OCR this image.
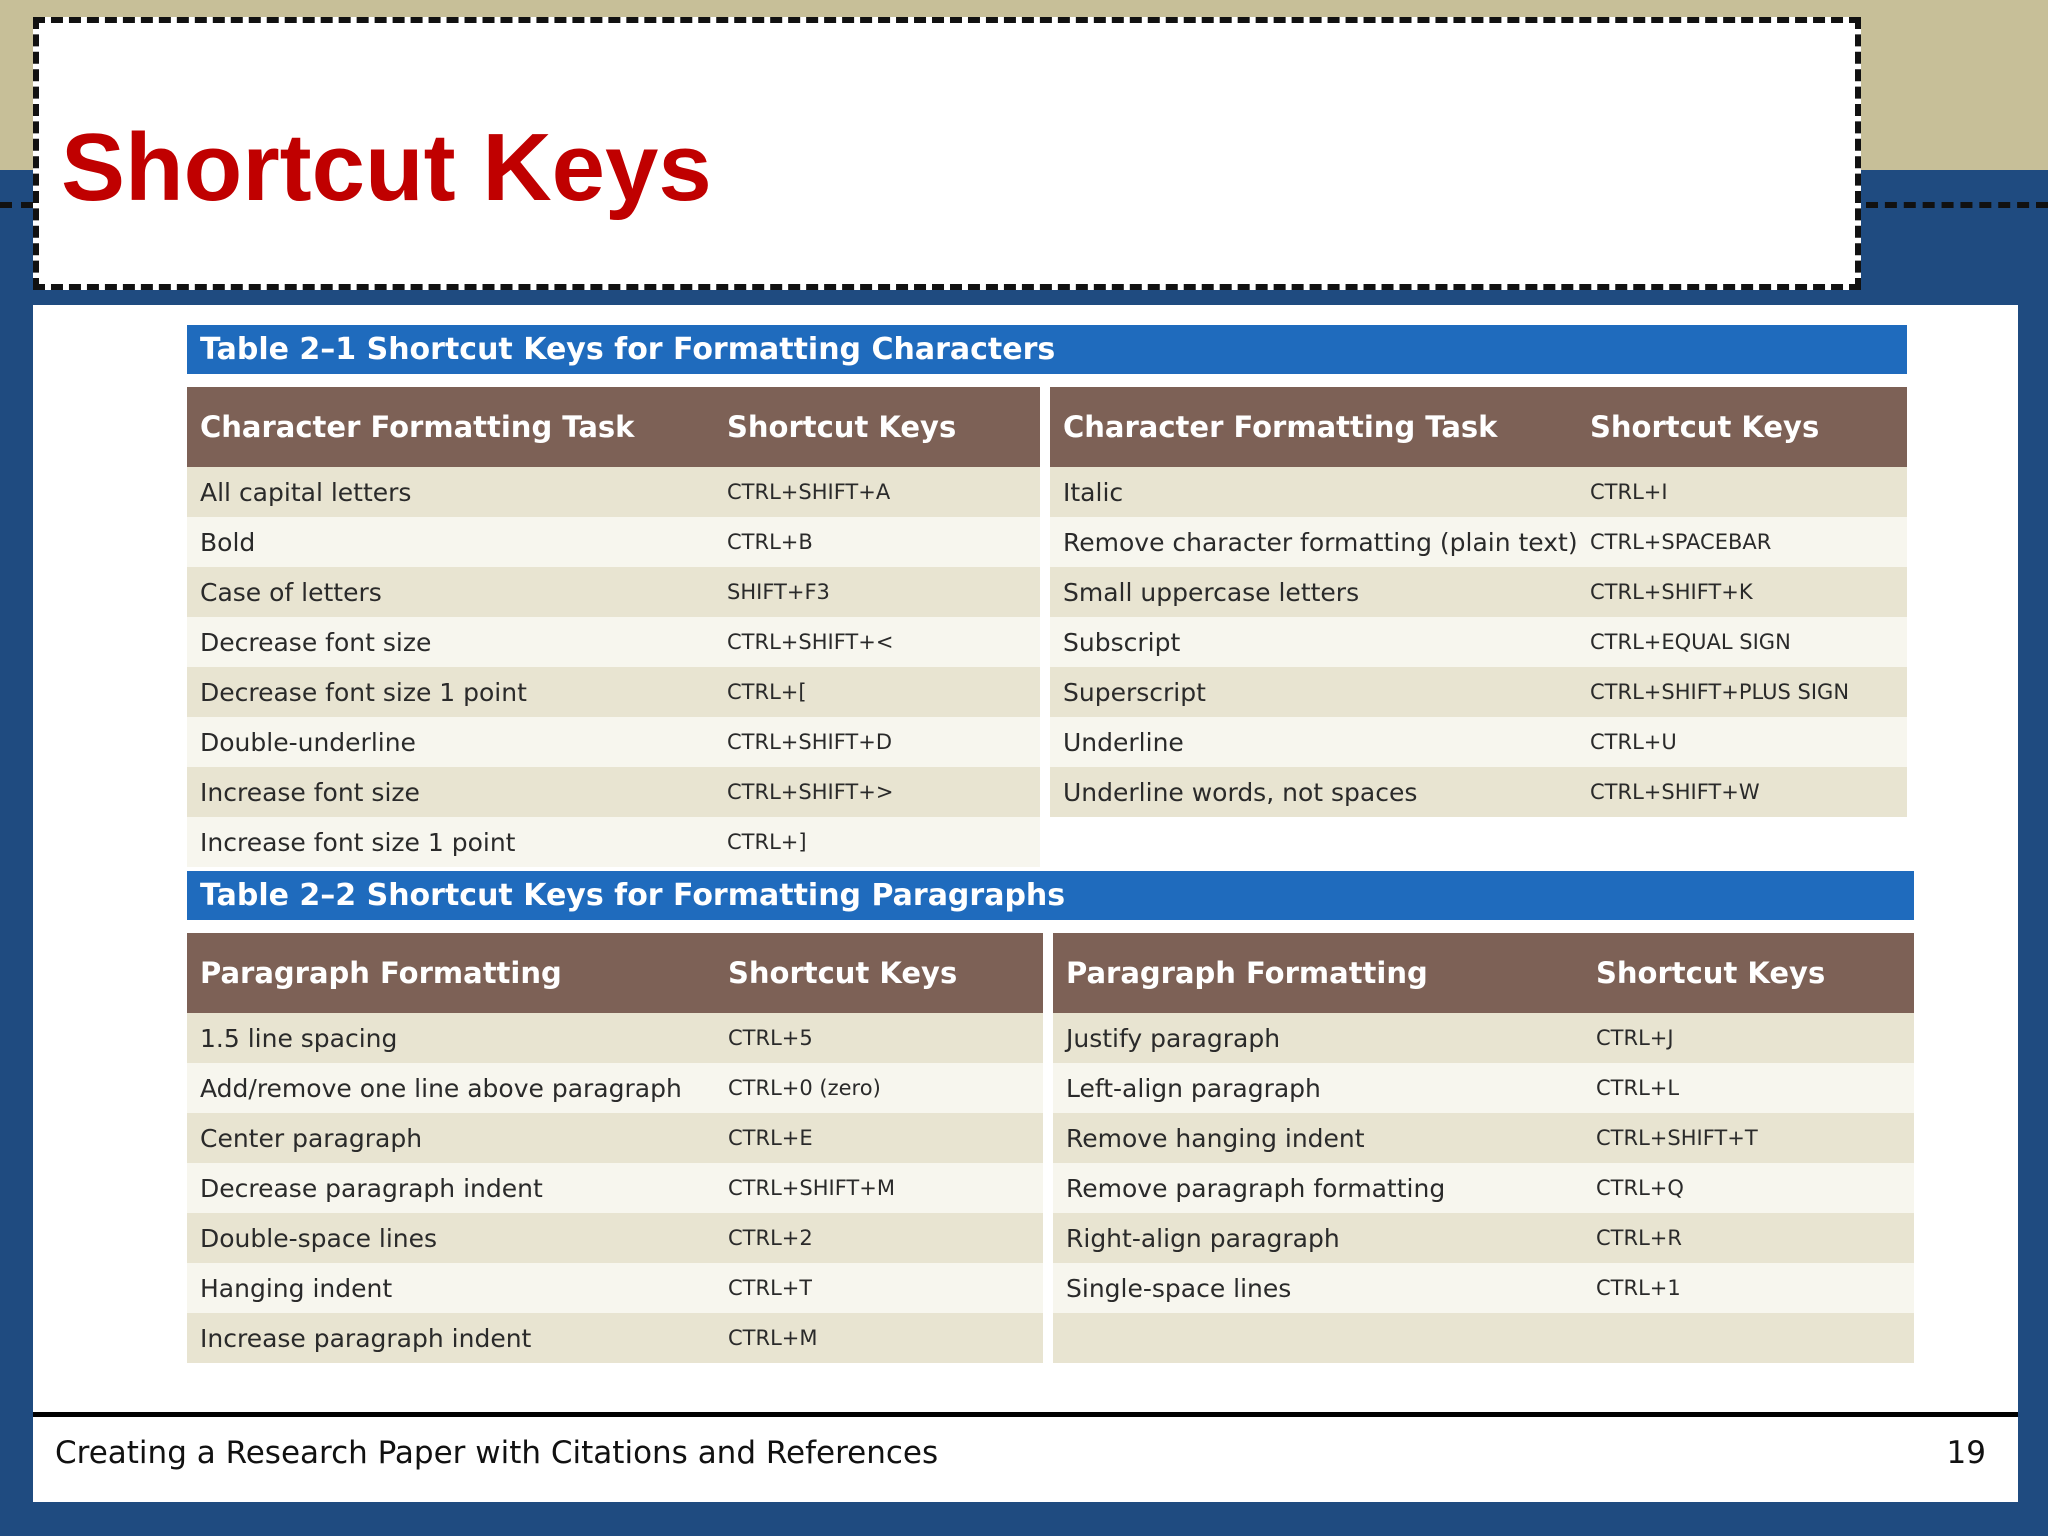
Shortcut Keys
Table 2–1 Shortcut Keys for Formatting Characters
Character Formatting Task	Shortcut Keys
All capital letters	CTRL+SHIFT+A
Bold	CTRL+B
Case of letters	SHIFT+F3
Decrease font size	CTRL+SHIFT+<
Decrease font size 1 point	CTRL+[
Double-underline	CTRL+SHIFT+D
Increase font size	CTRL+SHIFT+>
Increase font size 1 point	CTRL+]
Character Formatting Task	Shortcut Keys
Italic	CTRL+I
Remove character formatting (plain text) CTRL+SPACEBAR
Small uppercase letters	CTRL+SHIFT+K
Subscript	CTRL+EQUAL SIGN
Superscript	CTRL+SHIFT+PLUS SIGN
Underline	CTRL+U
Underline words, not spaces	CTRL+SHIFT+W
Table 2–2 Shortcut Keys for Formatting Paragraphs
Paragraph Formatting	Shortcut Keys
1.5 line spacing	CTRL+5
Add/remove one line above paragraph	CTRL+0 (zero)
Center paragraph	CTRL+E
Decrease paragraph indent	CTRL+SHIFT+M
Double-space lines	CTRL+2
Hanging indent	CTRL+T
Increase paragraph indent	CTRL+M
Paragraph Formatting	Shortcut Keys
Justify paragraph	CTRL+J
Left-align paragraph	CTRL+L
Remove hanging indent	CTRL+SHIFT+T
Remove paragraph formatting	CTRL+Q
Right-align paragraph	CTRL+R
Single-space lines	CTRL+1
Creating a Research Paper with Citations and References	19
